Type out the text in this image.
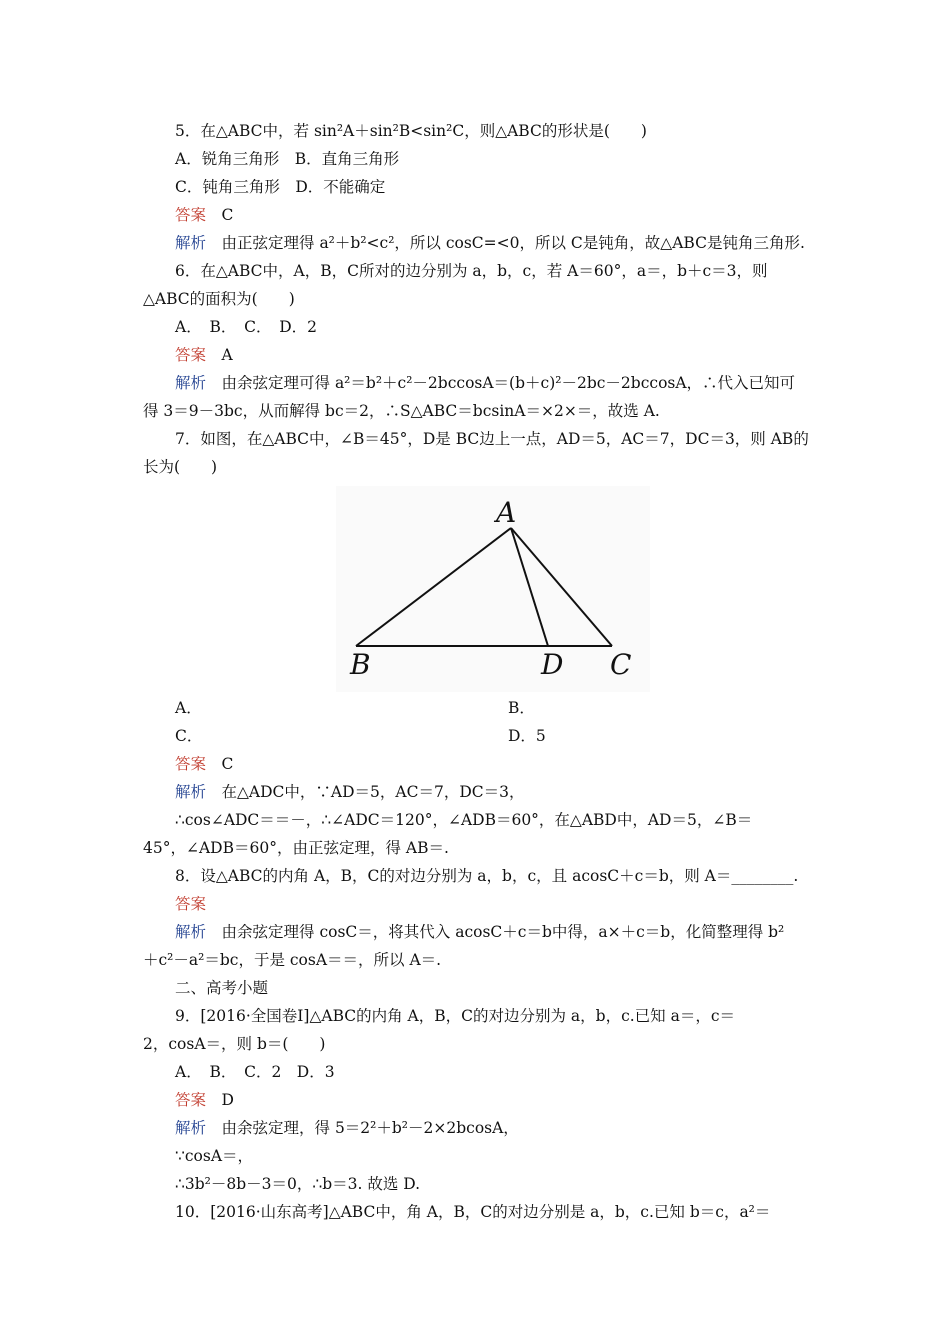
5．在△ABC中，若 sin²A＋sin²B<sin²C，则△ABC的形状是(　　)
A．锐角三角形　B．直角三角形
C．钝角三角形　D．不能确定
答案　C
解析　由正弦定理得 a²＋b²<c²，所以 cosC=<0，所以 C是钝角，故△ABC是钝角三角形.
6．在△ABC中，A，B，C所对的边分别为 a，b，c，若 A＝60°，a＝，b＋c＝3，则
△ABC的面积为(　　)
A．　B．　C．　D．2
答案　A
解析　由余弦定理可得 a²＝b²＋c²－2bccosA＝(b＋c)²－2bc－2bccosA，∴代入已知可
得 3＝9－3bc，从而解得 bc＝2，∴S△ABC＝bcsinA＝×2×＝，故选 A.
7．如图，在△ABC中，∠B＝45°，D是 BC边上一点，AD＝5，AC＝7，DC＝3，则 AB的
长为(　　)
A
B	D C
A．	B．
C．	D．5
答案　C
解析　在△ADC中，∵AD＝5，AC＝7，DC＝3，
∴cos∠ADC＝＝－，∴∠ADC＝120°，∠ADB＝60°，在△ABD中，AD＝5，∠B＝
45°，∠ADB＝60°，由正弦定理，得 AB＝.
8．设△ABC的内角 A，B，C的对边分别为 a，b，c，且 acosC＋c＝b，则 A＝________.
答案
解析　由余弦定理得 cosC＝，将其代入 acosC＋c＝b中得，a×＋c＝b，化简整理得 b²
＋c²－a²＝bc，于是 cosA＝＝，所以 A＝.
二、高考小题
9．[2016·全国卷Ⅰ]△ABC的内角 A，B，C的对边分别为 a，b，c.已知 a＝，c＝
2，cosA＝，则 b＝(　　)
A．　B．　C．2　D．3
答案　D
解析　由余弦定理，得 5＝2²＋b²－2×2bcosA，
∵cosA＝，
∴3b²－8b－3＝0，∴b＝3. 故选 D.
10．[2016·山东高考]△ABC中，角 A，B，C的对边分别是 a，b，c.已知 b＝c，a²＝
